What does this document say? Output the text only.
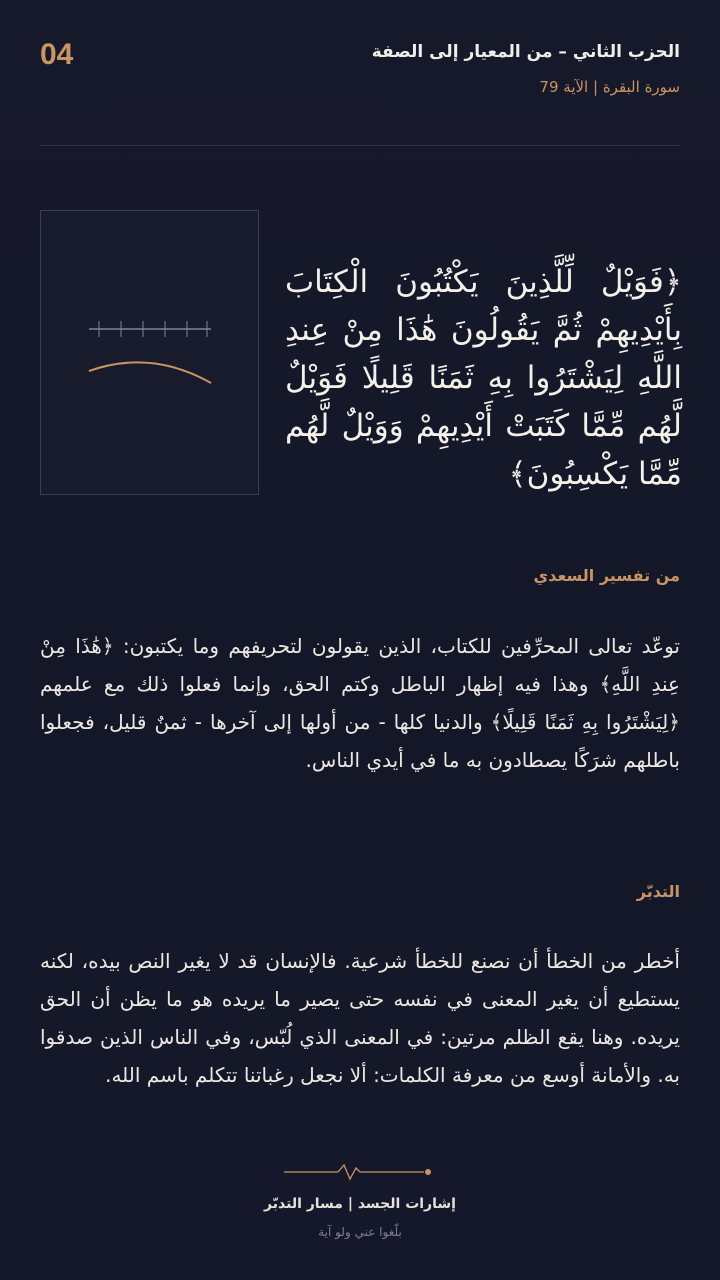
04	الحزب الثاني – من المعيار إلى الصفة
سورة البقرة | الآية 79
﴿فَوَيْلٌ لِّلَّذِينَ يَكْتُبُونَ الْكِتَابَ بِأَيْدِيهِمْ ثُمَّ يَقُولُونَ هَٰذَا مِنْ عِندِ اللَّهِ لِيَشْتَرُوا بِهِ ثَمَنًا قَلِيلًا فَوَيْلٌ لَّهُم مِّمَّا كَتَبَتْ أَيْدِيهِمْ وَوَيْلٌ لَّهُم مِّمَّا يَكْسِبُونَ﴾
من تفسير السعدي
توعّد تعالى المحرِّفين للكتاب، الذين يقولون لتحريفهم وما يكتبون: ﴿هَٰذَا مِنْ عِندِ اللَّهِ﴾ وهذا فيه إظهار الباطل وكتم الحق، وإنما فعلوا ذلك مع علمهم ﴿لِيَشْتَرُوا بِهِ ثَمَنًا قَلِيلًا﴾ والدنيا كلها - من أولها إلى آخرها - ثمنٌ قليل، فجعلوا باطلهم شرَكًا يصطادون به ما في أيدي الناس.
التدبّر
أخطر من الخطأ أن نصنع للخطأ شرعية. فالإنسان قد لا يغير النص بيده، لكنه يستطيع أن يغير المعنى في نفسه حتى يصير ما يريده هو ما يظن أن الحق يريده. وهنا يقع الظلم مرتين: في المعنى الذي لُبّس، وفي الناس الذين صدقوا به. والأمانة أوسع من معرفة الكلمات: ألا نجعل رغباتنا تتكلم باسم الله.
إشارات الجسد | مسار التدبّر
بلّغوا عني ولو آية
